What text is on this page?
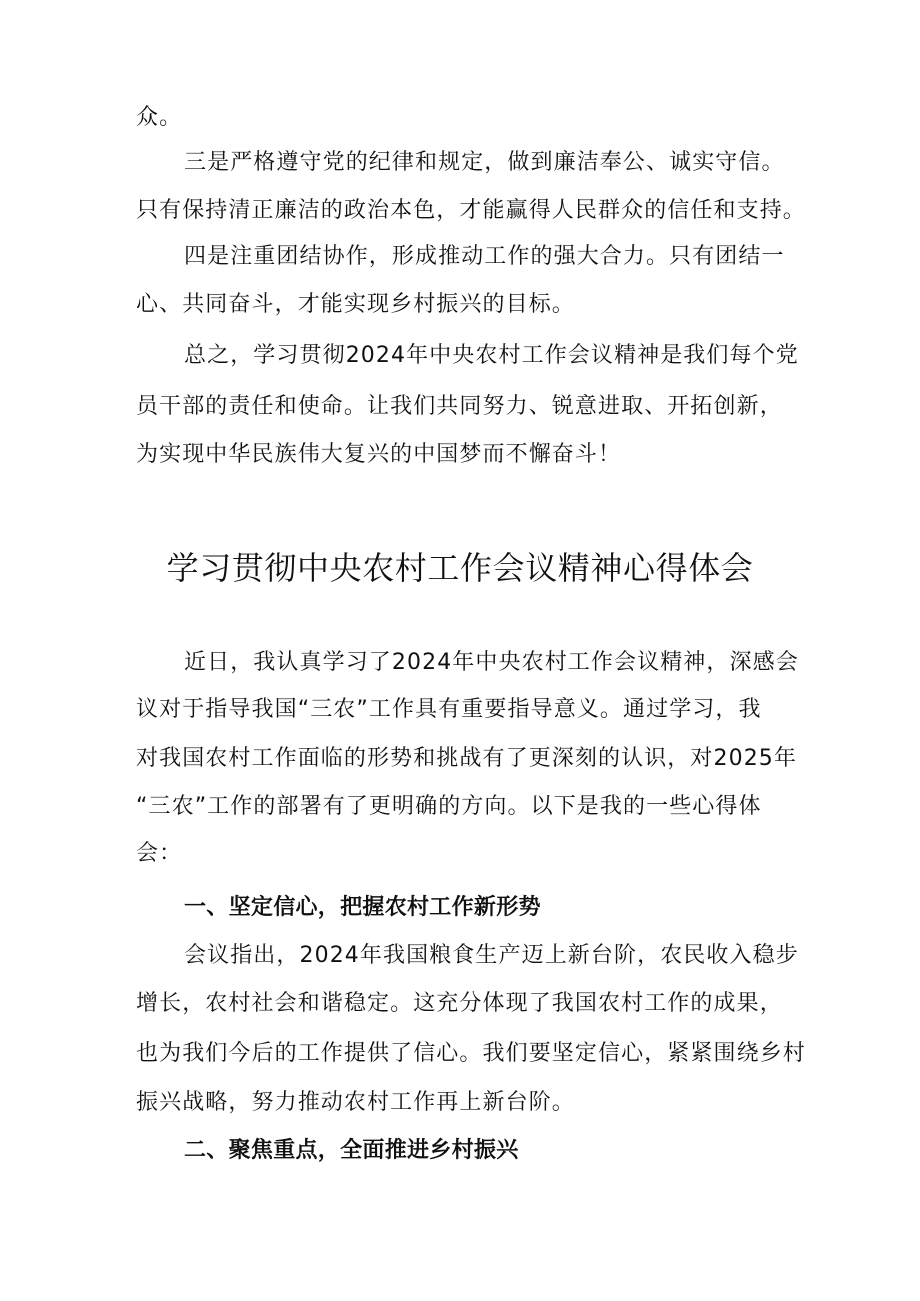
众。
三是严格遵守党的纪律和规定，做到廉洁奉公、诚实守信。
只有保持清正廉洁的政治本色，才能赢得人民群众的信任和支持。
四是注重团结协作，形成推动工作的强大合力。只有团结一
心、共同奋斗，才能实现乡村振兴的目标。
总之，学习贯彻2024年中央农村工作会议精神是我们每个党
员干部的责任和使命。让我们共同努力、锐意进取、开拓创新，
为实现中华民族伟大复兴的中国梦而不懈奋斗！
学习贯彻中央农村工作会议精神心得体会
近日，我认真学习了2024年中央农村工作会议精神，深感会
议对于指导我国“三农”工作具有重要指导意义。通过学习，我
对我国农村工作面临的形势和挑战有了更深刻的认识，对2025年
“三农”工作的部署有了更明确的方向。以下是我的一些心得体
会：
一、坚定信心，把握农村工作新形势
会议指出，2024年我国粮食生产迈上新台阶，农民收入稳步
增长，农村社会和谐稳定。这充分体现了我国农村工作的成果，
也为我们今后的工作提供了信心。我们要坚定信心，紧紧围绕乡村
振兴战略，努力推动农村工作再上新台阶。
二、聚焦重点，全面推进乡村振兴
